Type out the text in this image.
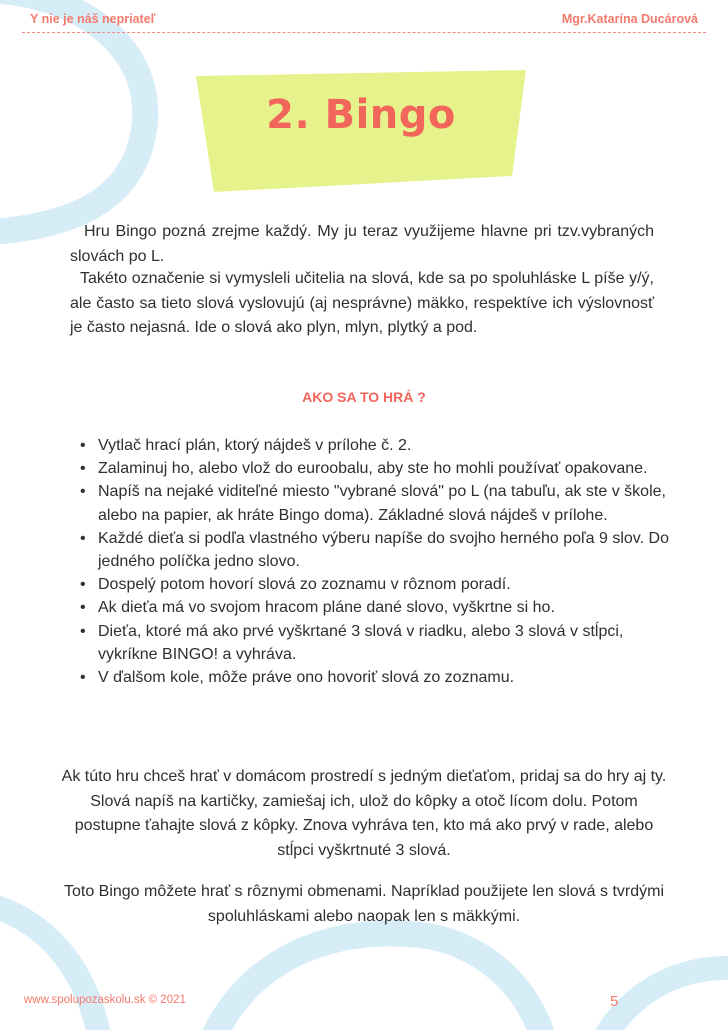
Y nie je náš nepriateľ	Mgr.Katarína Ducárová
2. Bingo
Hru Bingo pozná zrejme každý. My ju teraz využijeme hlavne pri tzv.vybraných slovách po L.
Takéto označenie si vymysleli učitelia na slová, kde sa po spoluhláske L píše y/ý, ale často sa tieto slová vyslovujú (aj nesprávne) mäkko, respektíve ich výslovnosť je často nejasná. Ide o slová ako plyn, mlyn, plytký a pod.
AKO SA TO HRÁ ?
• Vytlač hrací plán, ktorý nájdeš v prílohe č. 2.
• Zalaminuj ho, alebo vlož do euroobalu, aby ste ho mohli používať opakovane.
• Napíš na nejaké viditeľné miesto "vybrané slová" po L (na tabuľu, ak ste v škole, alebo na papier, ak hráte Bingo doma). Základné slová nájdeš v prílohe.
• Každé dieťa si podľa vlastného výberu napíše do svojho herného poľa 9 slov. Do jedného políčka jedno slovo.
• Dospelý potom hovorí slová zo zoznamu v rôznom poradí.
• Ak dieťa má vo svojom hracom pláne dané slovo, vyškrtne si ho.
• Dieťa, ktoré má ako prvé vyškrtané 3 slová v riadku, alebo 3 slová v stĺpci, vykríkne BINGO! a vyhráva.
• V ďalšom kole, môže práve ono hovoriť slová zo zoznamu.
Ak túto hru chceš hrať v domácom prostredí s jedným dieťaťom, pridaj sa do hry aj ty. Slová napíš na kartičky, zamiešaj ich, ulož do kôpky a otoč lícom dolu. Potom postupne ťahajte slová z kôpky. Znova vyhráva ten, kto má ako prvý v rade, alebo stĺpci vyškrtnuté 3 slová.
Toto Bingo môžete hrať s rôznymi obmenami. Napríklad použijete len slová s tvrdými spoluhláskami alebo naopak len s mäkkými.
www.spolupozaskolu.sk © 2021	5
